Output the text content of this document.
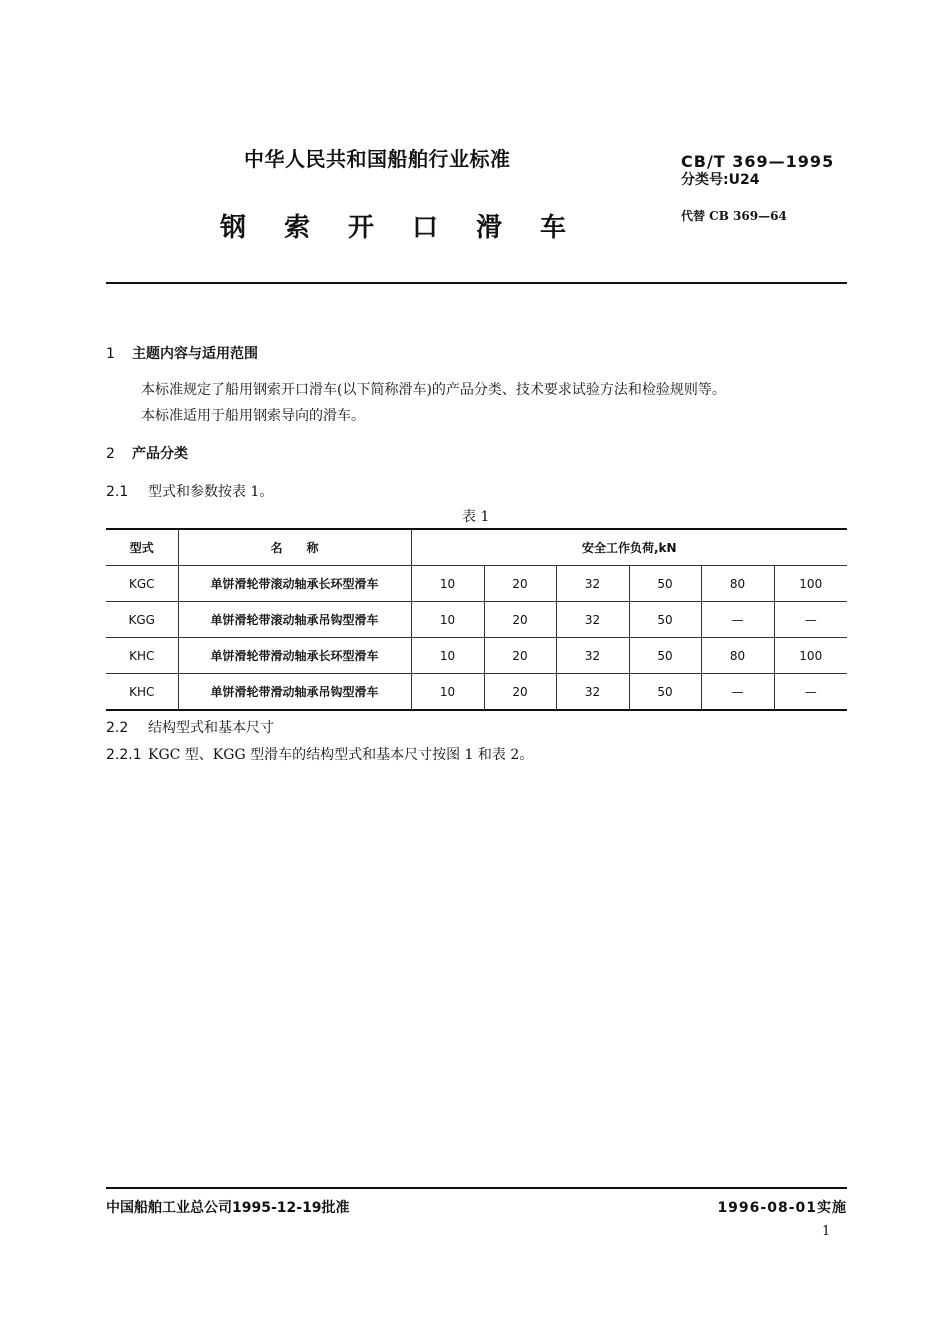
中华人民共和国船舶行业标准
钢索开口滑车
CB/T 369—1995
分类号:U24
代替 CB 369—64
1 主题内容与适用范围
本标准规定了船用钢索开口滑车(以下简称滑车)的产品分类、技术要求试验方法和检验规则等。
本标准适用于船用钢索导向的滑车。
2 产品分类
2.1 型式和参数按表 1。
表 1
型式	名　　称	安全工作负荷,kN					
KGC	单饼滑轮带滚动轴承长环型滑车	10	20	32	50	80	100
KGG	单饼滑轮带滚动轴承吊钩型滑车	10	20	32	50	—	—
KHC	单饼滑轮带滑动轴承长环型滑车	10	20	32	50	80	100
KHC	单饼滑轮带滑动轴承吊钩型滑车	10	20	32	50	—	—
2.2 结构型式和基本尺寸
2.2.1 KGC 型、KGG 型滑车的结构型式和基本尺寸按图 1 和表 2。
中国船舶工业总公司1995-12-19批准	1996-08-01实施
1
